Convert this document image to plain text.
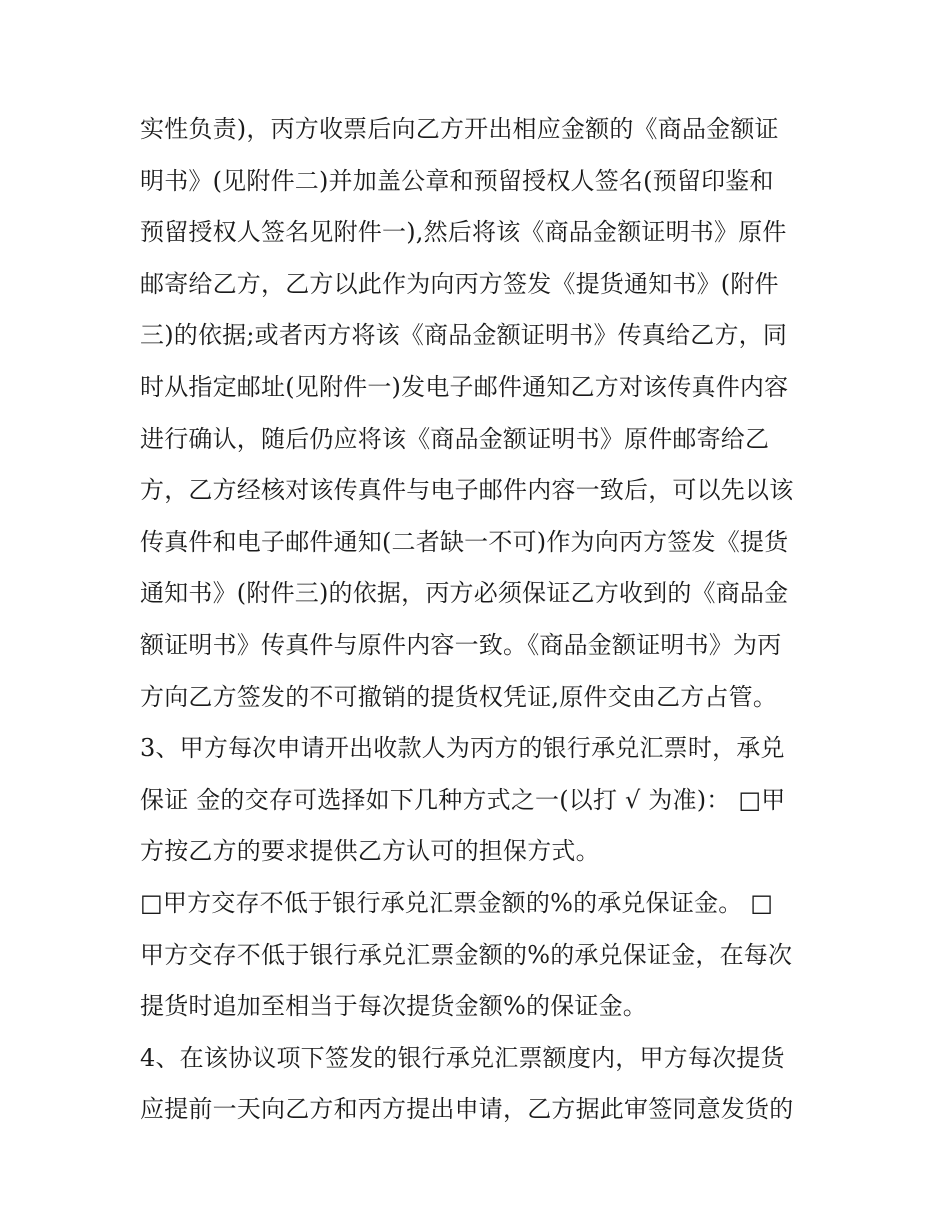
实性负责)，丙方收票后向乙方开出相应金额的《商品金额证
明书》(见附件二)并加盖公章和预留授权人签名(预留印鉴和
预留授权人签名见附件一),然后将该《商品金额证明书》原件
邮寄给乙方，乙方以此作为向丙方签发《提货通知书》(附件
三)的依据;或者丙方将该《商品金额证明书》传真给乙方，同
时从指定邮址(见附件一)发电子邮件通知乙方对该传真件内容
进行确认，随后仍应将该《商品金额证明书》原件邮寄给乙
方，乙方经核对该传真件与电子邮件内容一致后，可以先以该
传真件和电子邮件通知(二者缺一不可)作为向丙方签发《提货
通知书》(附件三)的依据，丙方必须保证乙方收到的《商品金
额证明书》传真件与原件内容一致。《商品金额证明书》为丙
方向乙方签发的不可撤销的提货权凭证,原件交由乙方占管。
3、甲方每次申请开出收款人为丙方的银行承兑汇票时，承兑
保证 金的交存可选择如下几种方式之一(以打 √ 为准)： □甲
方按乙方的要求提供乙方认可的担保方式。
□甲方交存不低于银行承兑汇票金额的%的承兑保证金。 □
甲方交存不低于银行承兑汇票金额的%的承兑保证金，在每次
提货时追加至相当于每次提货金额%的保证金。
4、在该协议项下签发的银行承兑汇票额度内，甲方每次提货
应提前一天向乙方和丙方提出申请，乙方据此审签同意发货的
